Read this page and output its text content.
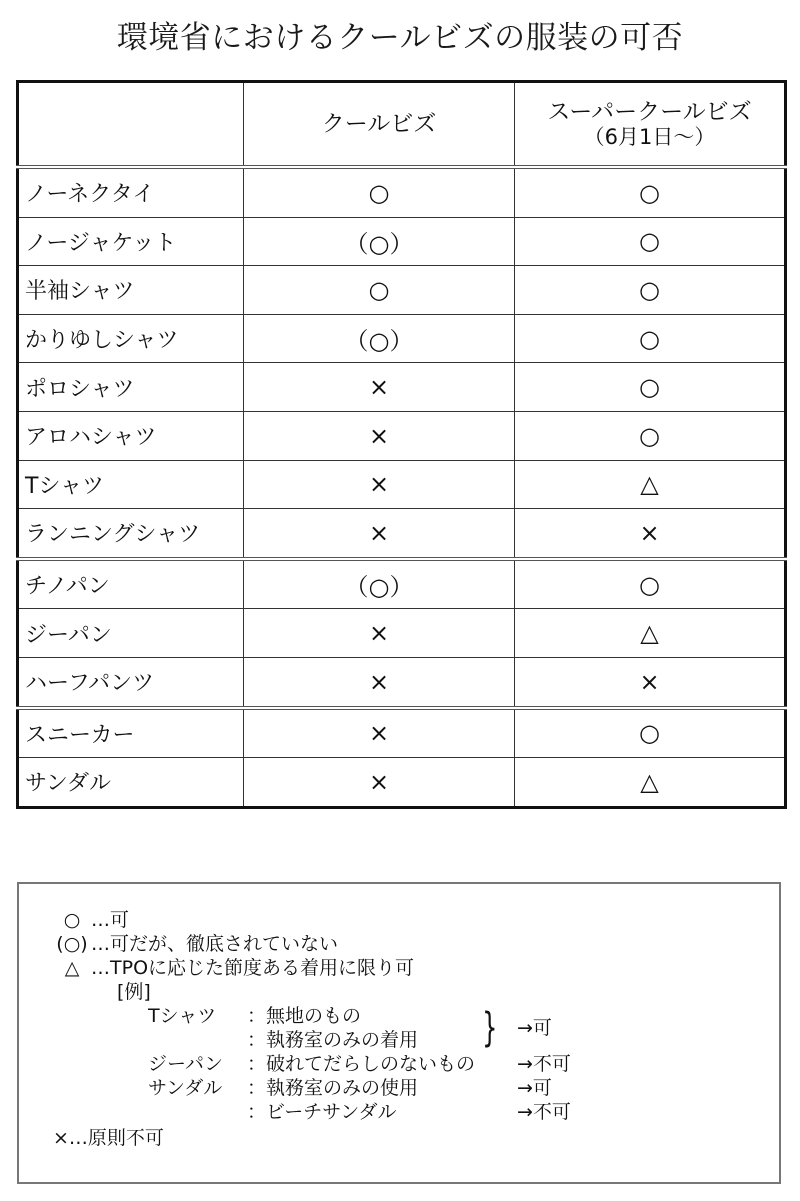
環境省におけるクールビズの服装の可否
	クールビズ	スーパークールビズ
（6月1日～）

ノーネクタイ	○	○
ノージャケット	（○）	○
半袖シャツ	○	○
かりゆしシャツ	（○）	○
ポロシャツ	×	○
アロハシャツ	×	○
Tシャツ	×	△
ランニングシャツ	×	×
チノパン	（○）	○
ジーパン	×	△
ハーフパンツ	×	×
スニーカー	×	○
サンダル	×	△
○ …可
(○) …可だが、徹底されていない
△ …TPOに応じた節度ある着用に限り可
[例]
Tシャツ ：無地のもの
：執務室のみの着用 } →可
ジーパン ：破れてだらしのないもの →不可
サンダル ：執務室のみの使用	→可
：ビーチサンダル	→不可
×…原則不可
